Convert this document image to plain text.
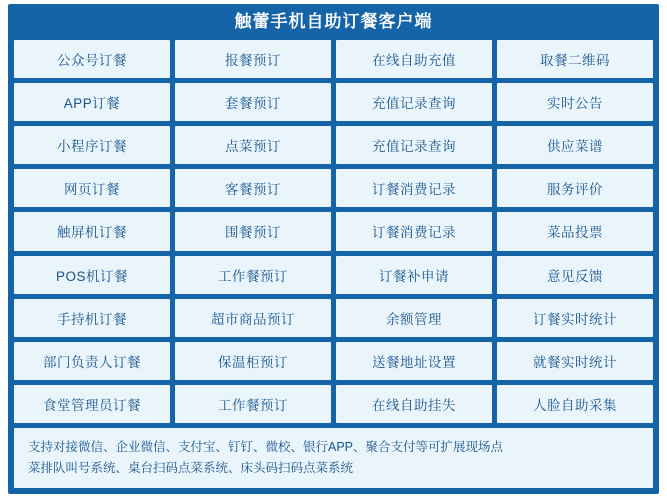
触蕾手机自助订餐客户端
公众号订餐	报餐预订	在线自助充值	取餐二维码
APP订餐	套餐预订	充值记录查询	实时公告
小程序订餐	点菜预订	充值记录查询	供应菜谱
网页订餐	客餐预订	订餐消费记录	服务评价
触屏机订餐	围餐预订	订餐消费记录	菜品投票
POS机订餐	工作餐预订	订餐补申请	意见反馈
手持机订餐	超市商品预订	余额管理	订餐实时统计
部门负责人订餐	保温柜预订	送餐地址设置	就餐实时统计
食堂管理员订餐	工作餐预订	在线自助挂失	人脸自助采集
支持对接微信、企业微信、支付宝、钉钉、微校、银行APP、聚合支付等可扩展现场点
菜排队叫号系统、桌台扫码点菜系统、床头码扫码点菜系统
